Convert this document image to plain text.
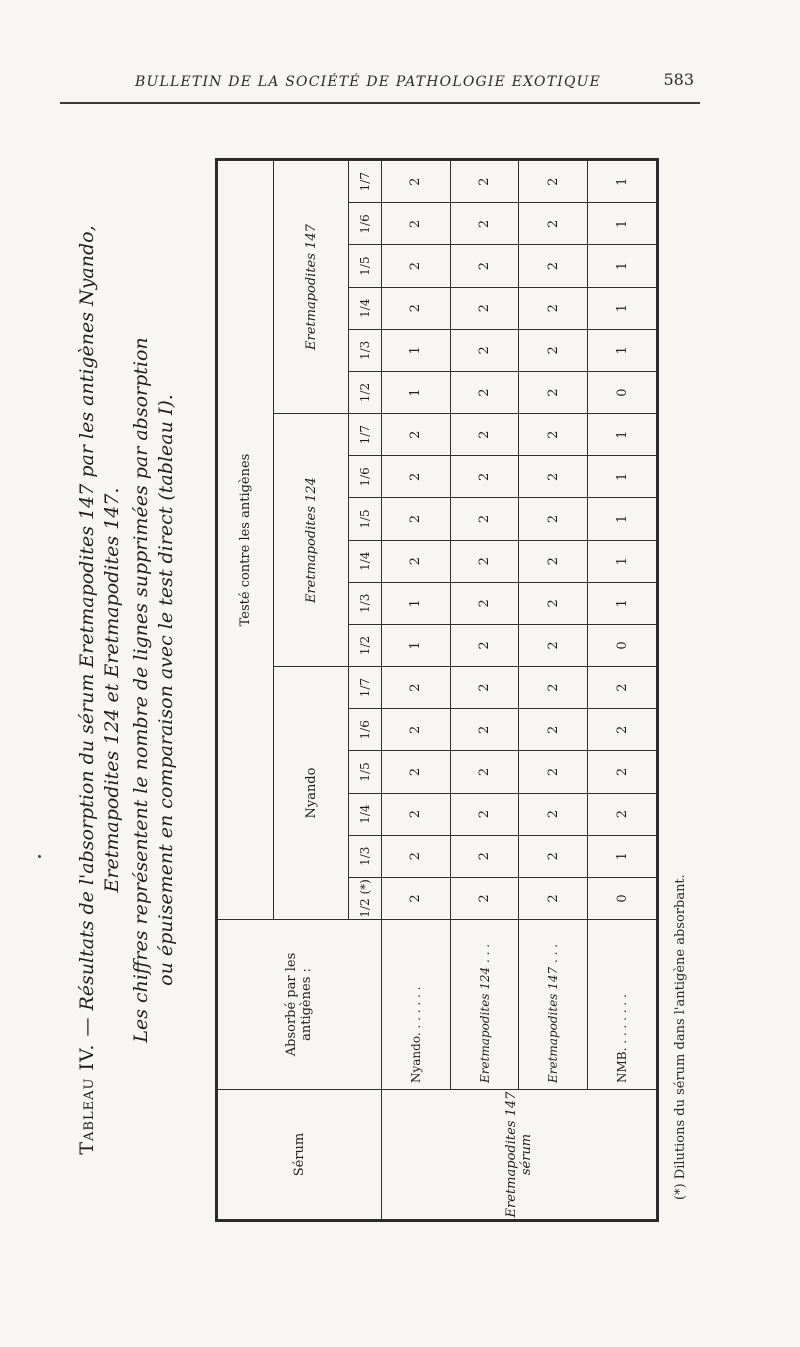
BULLETIN DE LA SOCIÉTÉ DE PATHOLOGIE EXOTIQUE	583

Tableau IV. — Résultats de l'absorption du sérum Eretmapodites 147 par les antigènes Nyando, Eretmapodites 124 et Eretmapodites 147. Les chiffres représentent le nombre de lignes supprimées par absorption ou épuisement en comparaison avec le test direct (tableau I).

Sérum	Absorbé par les antigènes :	Testé contre les antigènes																	
		Nyando						Eretmapodites 124						Eretmapodites 147					
		1/2 (*)	1/3	1/4	1/5	1/6	1/7	1/2	1/3	1/4	1/5	1/6	1/7	1/2	1/3	1/4	1/5	1/6	1/7
Eretmapodites 147 sérum	Nyando. . . . . . .	2	2	2	2	2	2	1	1	2	2	2	2	1	1	2	2	2	2
	Eretmapodites 124 . . .	2	2	2	2	2	2	2	2	2	2	2	2	2	2	2	2	2	2
	Eretmapodites 147 . . .	2	2	2	2	2	2	2	2	2	2	2	2	2	2	2	2	2	2
	NMB. . . . . . . .	0	1	2	2	2	2	0	1	1	1	1	1	0	1	1	1	1	1
(*) Dilutions du sérum dans l'antigène absorbant.
